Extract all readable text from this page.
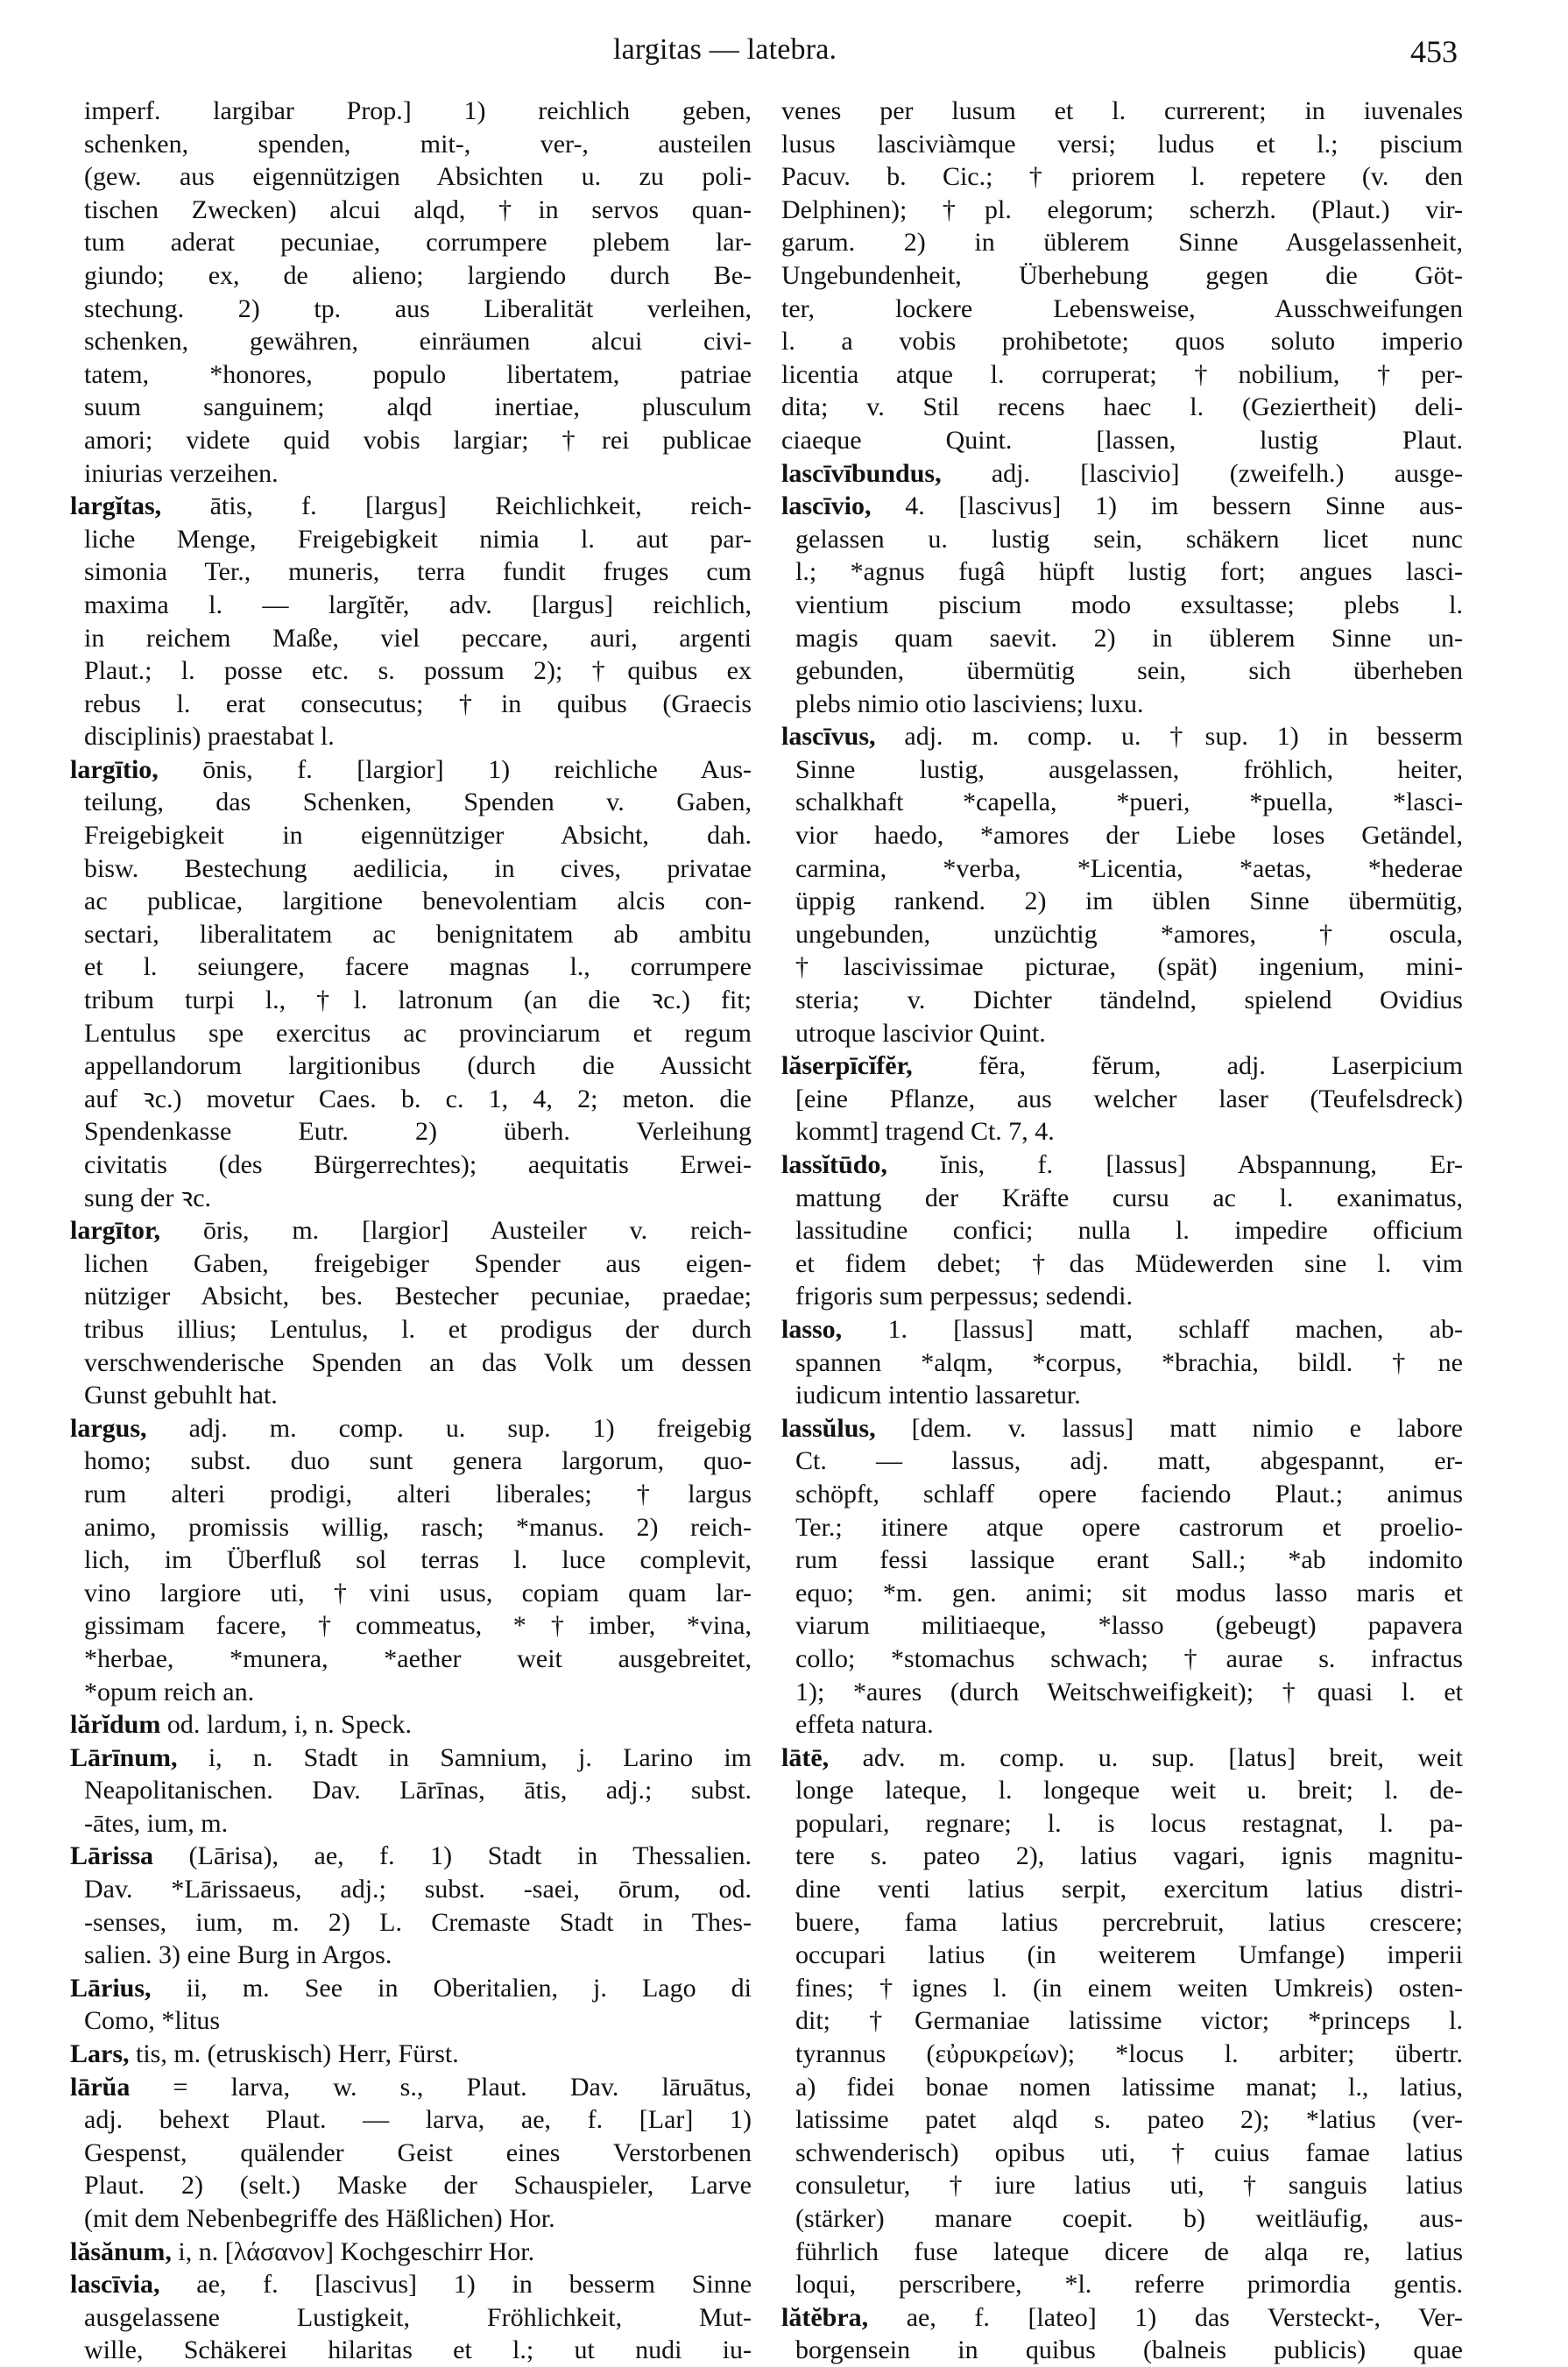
largitas — latebra.	453
imperf. largibar Prop.] 1) reichlich geben,
schenken, spenden, mit-, ver-, austeilen
(gew. aus eigennützigen Absichten u. zu poli-
tischen Zwecken) alcui alqd, †in servos quan-
tum aderat pecuniae, corrumpere plebem lar-
giundo; ex, de alieno; largiendo durch Be-
stechung. 2) tp. aus Liberalität verleihen,
schenken, gewähren, einräumen alcui civi-
tatem, *honores, populo libertatem, patriae
suum sanguinem; alqd inertiae, plusculum
amori; videte quid vobis largiar; †rei publicae
iniurias verzeihen.
largĭtas, ātis, f. [largus] Reichlichkeit, reich-
liche Menge, Freigebigkeit nimia l. aut par-
simonia Ter., muneris, terra fundit fruges cum
maxima l. — largĭtĕr, adv. [largus] reichlich,
in reichem Maße, viel peccare, auri, argenti
Plaut.; l. posse etc. s. possum 2); †quibus ex
rebus l. erat consecutus; †in quibus (Graecis
disciplinis) praestabat l.
largītio, ōnis, f. [largior] 1) reichliche Aus-
teilung, das Schenken, Spenden v. Gaben,
Freigebigkeit in eigennütziger Absicht, dah.
bisw. Bestechung aedilicia, in cives, privatae
ac publicae, largitione benevolentiam alcis con-
sectari, liberalitatem ac benignitatem ab ambitu
et l. seiungere, facere magnas l., corrumpere
tribum turpi l., †l. latronum (an die ꝛc.) fit;
Lentulus spe exercitus ac provinciarum et regum
appellandorum largitionibus (durch die Aussicht
auf ꝛc.) movetur Caes. b. c. 1, 4, 2; meton. die
Spendenkasse Eutr. 2) überh. Verleihung
civitatis (des Bürgerrechtes); aequitatis Erwei-
sung der ꝛc.
largītor, ōris, m. [largior] Austeiler v. reich-
lichen Gaben, freigebiger Spender aus eigen-
nütziger Absicht, bes. Bestecher pecuniae, praedae;
tribus illius; Lentulus, l. et prodigus der durch
verschwenderische Spenden an das Volk um dessen
Gunst gebuhlt hat.
largus, adj. m. comp. u. sup. 1) freigebig
homo; subst. duo sunt genera largorum, quo-
rum alteri prodigi, alteri liberales; †largus
animo, promissis willig, rasch; *manus. 2) reich-
lich, im Überfluß sol terras l. luce complevit,
vino largiore uti, †vini usus, copiam quam lar-
gissimam facere, †commeatus, *†imber, *vina,
*herbae, *munera, *aether weit ausgebreitet,
*opum reich an.
lărĭdum od. lardum, i, n. Speck.
Lārīnum, i, n. Stadt in Samnium, j. Larino im
Neapolitanischen. Dav. Lārīnas, ātis, adj.; subst.
-ātes, ium, m.
Lārissa (Lārisa), ae, f. 1) Stadt in Thessalien.
Dav. *Lārissaeus, adj.; subst. -saei, ōrum, od.
-senses, ium, m. 2) L. Cremaste Stadt in Thes-
salien. 3) eine Burg in Argos.
Lārius, ii, m. See in Oberitalien, j. Lago di
Como, *litus
Lars, tis, m. (etruskisch) Herr, Fürst.
lārŭa = larva, w. s., Plaut. Dav. lāruātus,
adj. behext Plaut. — larva, ae, f. [Lar] 1)
Gespenst, quälender Geist eines Verstorbenen
Plaut. 2) (selt.) Maske der Schauspieler, Larve
(mit dem Nebenbegriffe des Häßlichen) Hor.
lăsănum, i, n. [λάσανον] Kochgeschirr Hor.
lascīvia, ae, f. [lascivus] 1) in besserm Sinne
ausgelassene Lustigkeit, Fröhlichkeit, Mut-
wille, Schäkerei hilaritas et l.; ut nudi iu-
venes per lusum et l. currerent; in iuvenales
lusus lasciviàmque versi; ludus et l.; piscium
Pacuv. b. Cic.; †priorem l. repetere (v. den
Delphinen); †pl. elegorum; scherzh. (Plaut.) vir-
garum. 2) in üblerem Sinne Ausgelassenheit,
Ungebundenheit, Überhebung gegen die Göt-
ter, lockere Lebensweise, Ausschweifungen
l. a vobis prohibetote; quos soluto imperio
licentia atque l. corruperat; †nobilium, †per-
dita; v. Stil recens haec l. (Geziertheit) deli-
ciaeque Quint. [lassen, lustig Plaut.
lascīvībundus, adj. [lascivio] (zweifelh.) ausge-
lascīvio, 4. [lascivus] 1) im bessern Sinne aus-
gelassen u. lustig sein, schäkern licet nunc
l.; *agnus fugâ hüpft lustig fort; angues lasci-
vientium piscium modo exsultasse; plebs l.
magis quam saevit. 2) in üblerem Sinne un-
gebunden, übermütig sein, sich überheben
plebs nimio otio lasciviens; luxu.
lascīvus, adj. m. comp. u. †sup. 1) in besserm
Sinne lustig, ausgelassen, fröhlich, heiter,
schalkhaft *capella, *pueri, *puella, *lasci-
vior haedo, *amores der Liebe loses Getändel,
carmina, *verba, *Licentia, *aetas, *hederae
üppig rankend. 2) im üblen Sinne übermütig,
ungebunden, unzüchtig *amores, †oscula,
†lascivissimae picturae, (spät) ingenium, mini-
steria; v. Dichter tändelnd, spielend Ovidius
utroque lascivior Quint.
lăserpīcĭfĕr,	fĕra, fĕrum, adj. Laserpicium
[eine Pflanze, aus welcher laser (Teufelsdreck)
kommt] tragend Ct. 7, 4.
lassĭtūdo, ĭnis, f. [lassus] Abspannung, Er-
mattung der Kräfte cursu ac l. exanimatus,
lassitudine confici; nulla l. impedire officium
et fidem debet; †das Müdewerden sine l. vim
frigoris sum perpessus; sedendi.
lasso, 1. [lassus] matt, schlaff machen, ab-
spannen *alqm, *corpus, *brachia, bildl. †ne
iudicum intentio lassaretur.
lassŭlus, [dem. v. lassus] matt nimio e labore
Ct. — lassus, adj. matt, abgespannt, er-
schöpft, schlaff opere faciendo Plaut.; animus
Ter.; itinere atque opere castrorum et proelio-
rum fessi lassique erant Sall.; *ab indomito
equo; *m. gen. animi; sit modus lasso maris et
viarum militiaeque, *lasso (gebeugt) papavera
collo; *stomachus schwach; †aurae s. infractus
1); *aures (durch Weitschweifigkeit); †quasi l. et
effeta natura.
lātē, adv. m. comp. u. sup. [latus] breit, weit
longe lateque, l. longeque weit u. breit; l. de-
populari, regnare; l. is locus restagnat, l. pa-
tere s. pateo 2), latius vagari, ignis magnitu-
dine venti latius serpit, exercitum latius distri-
buere, fama latius percrebruit, latius crescere;
occupari latius (in weiterem Umfange) imperii
fines; †ignes l. (in einem weiten Umkreis) osten-
dit; †Germaniae latissime victor; *princeps l.
tyrannus (εὐρυκρείων); *locus l. arbiter; übertr.
a) fidei bonae nomen latissime manat; l., latius,
latissime patet alqd s. pateo 2); *latius (ver-
schwenderisch) opibus uti, †cuius famae latius
consuletur, †iure latius uti, †sanguis latius
(stärker) manare coepit. b) weitläufig, aus-
führlich fuse lateque dicere de alqa re, latius
loqui, perscribere, *l. referre primordia gentis.
lătĕbra, ae, f. [lateo] 1) das Versteckt-, Ver-
borgensein in quibus (balneis publicis) quae
